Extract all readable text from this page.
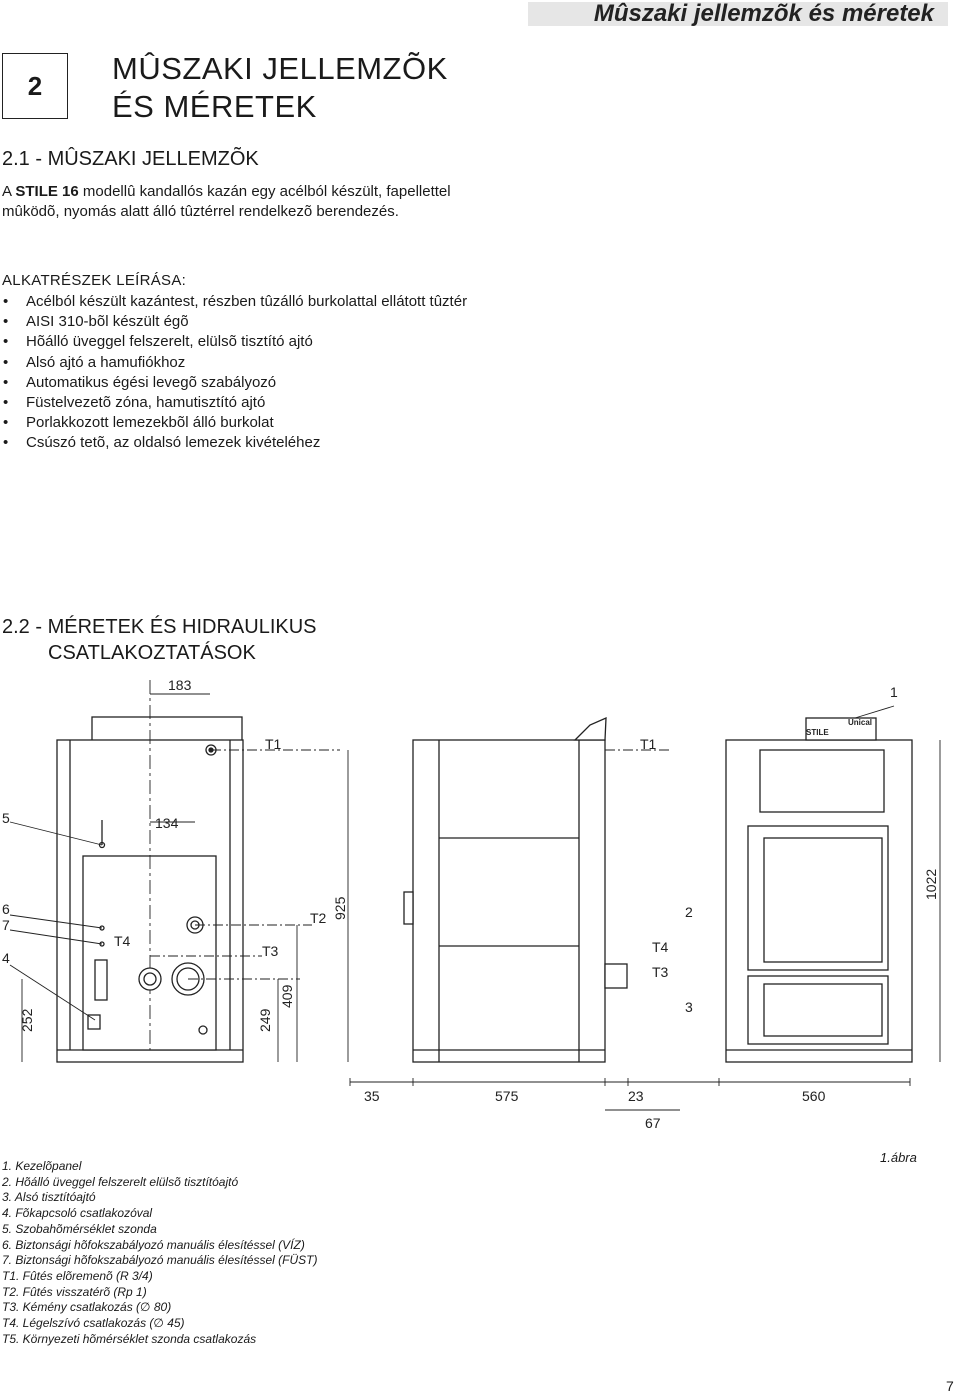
Mûszaki jellemzõk és méretek
2	MÛSZAKI JELLEMZÕK
ÉS MÉRETEK
2.1 - MÛSZAKI JELLEMZÕK
A STILE 16 modellû kandallós kazán egy acélból készült, fapellettel mûködõ, nyomás alatt álló tûztérrel rendelkezõ berendezés.
ALKATRÉSZEK LEÍRÁSA:
• Acélból készült kazántest, részben tûzálló burkolattal ellátott tûztér
• AISI 310-bõl készült égõ
• Hõálló üveggel felszerelt, elülsõ tisztító ajtó
• Alsó ajtó a hamufiókhoz
• Automatikus égési levegõ szabályozó
• Füstelvezetõ zóna, hamutisztító ajtó
• Porlakkozott lemezekbõl álló burkolat
• Csúszó tetõ, az oldalsó lemezek kivételéhez
2.2 - MÉRETEK ÉS HIDRAULIKUS
CSATLAKOZTATÁSOK
183
134
252	249
409
925
1022
35	575	23
67
560
T1	T1
T2
T3
T3
T4	T4
1
2
3
4
5
6
7
Unical
STILE
1.ábra
1. Kezelõpanel
2. Hõálló üveggel felszerelt elülsõ tisztítóajtó
3. Alsó tisztítóajtó
4. Fõkapcsoló csatlakozóval
5. Szobahõmérséklet szonda
6. Biztonsági hõfokszabályozó manuális élesítéssel (VÍZ)
7. Biztonsági hõfokszabályozó manuális élesítéssel (FÜST)
T1. Fûtés elõremenõ (R 3/4)
T2. Fûtés visszatérõ (Rp 1)
T3. Kémény csatlakozás (∅ 80)
T4. Légelszívó csatlakozás (∅ 45)
T5. Környezeti hõmérséklet szonda csatlakozás
7
